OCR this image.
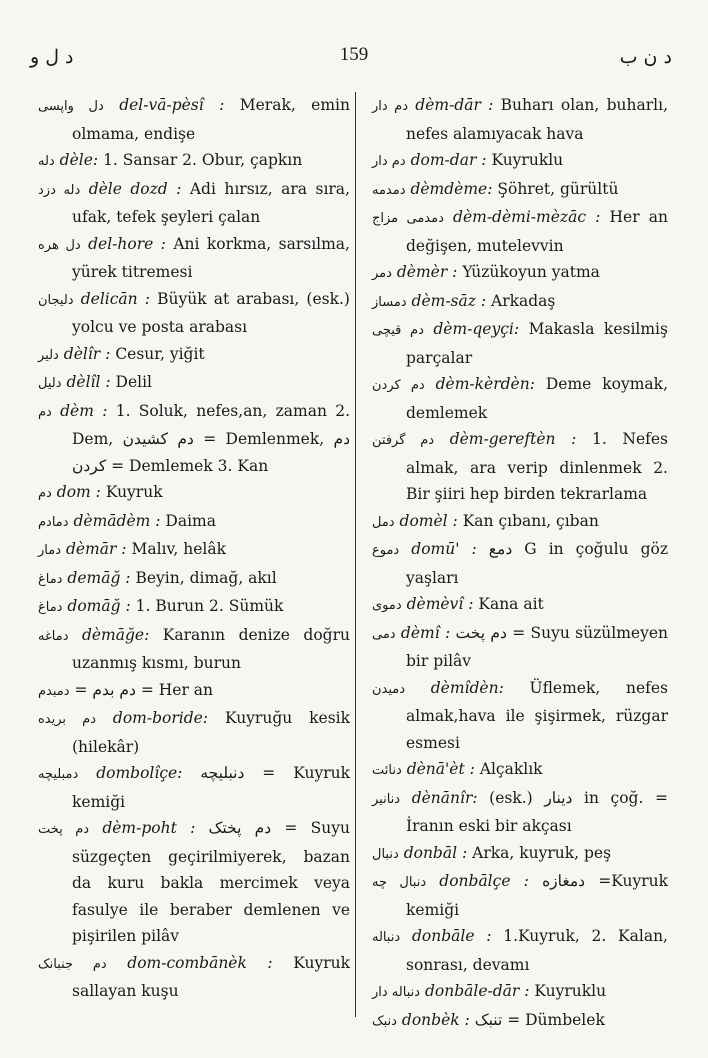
د ل و	159	د ن ب

دل واپسی del-vā-pèsî : Merak, emin olmama, endişe

دله dèle: 1. Sansar 2. Obur, çapkın

دله دزد dèle dozd : Adi hırsız, ara sıra, ufak, tefek şeyleri çalan

دل هره del-hore : Ani korkma, sarsılma, yürek titremesi

دلیجان delicān : Büyük at arabası, (esk.) yolcu ve posta arabası

دلیر dèlîr : Cesur, yiğit

دلیل dèlîl : Delil

دم dèm : 1. Soluk, nefes,an, zaman 2. Dem, دم کشیدن = Demlenmek, دم کردن = Demlemek 3. Kan

دم dom : Kuyruk

دمادم dèmādèm : Daima

دمار dèmār : Malıv, helâk

دماغ demāğ : Beyin, dimağ, akıl

دماغ domāğ : 1. Burun 2. Sümük

دماغه dèmāğe: Karanın denize doğru uzanmış kısmı, burun

دمبدم = دم بدم = Her an

دم بریده dom-boride: Kuyruğu kesik (hilekâr)

دمبلیچه dombolîçe: دنبلیچه = Kuyruk kemiği

دم پخت dèm-poht : دم پختک = Suyu süzgeçten geçirilmiyerek, bazan da kuru bakla mercimek veya fasulye ile beraber demlenen ve pişirilen pilâv

دم جنبانک dom-combānèk : Kuyruk sallayan kuşu

دم دار dèm-dār : Buharı olan, buharlı, nefes alamıyacak hava

دم دار dom-dar : Kuyruklu

دمدمه dèmdème: Şöhret, gürültü

دمدمی مزاج dèm-dèmi-mèzāc : Her an değişen, mutelevvin

دمر dèmèr : Yüzükoyun yatma

دمساز dèm-sāz : Arkadaş

دم قیچی dèm-qeyçi: Makasla kesilmiş parçalar

دم کردن dèm-kèrdèn: Deme koymak, demlemek

دم گرفتن dèm-gereftèn : 1. Nefes almak, ara verip dinlenmek 2. Bir şiiri hep birden tekrarlama

دمل domèl : Kan çıbanı, çıban

دموع domū' : دمع G in çoğulu göz yaşları

دموی dèmèvî : Kana ait

دمی dèmî : دم پخت = Suyu süzülmeyen bir pilâv

دمیدن dèmîdèn: Üflemek, nefes almak,hava ile şişirmek, rüzgar esmesi

دنائت dènā'èt : Alçaklık

دنانیر dènānîr: (esk.) دینار in çoğ. = İranın eski bir akçası

دنبال donbāl : Arka, kuyruk, peş

دنبال چه donbālçe : دمغازه =Kuyruk kemiği

دنباله donbāle : 1.Kuyruk, 2. Kalan, sonrası, devamı

دنباله دار donbāle-dār : Kuyruklu

دنبک donbèk : تنبک = Dümbelek
